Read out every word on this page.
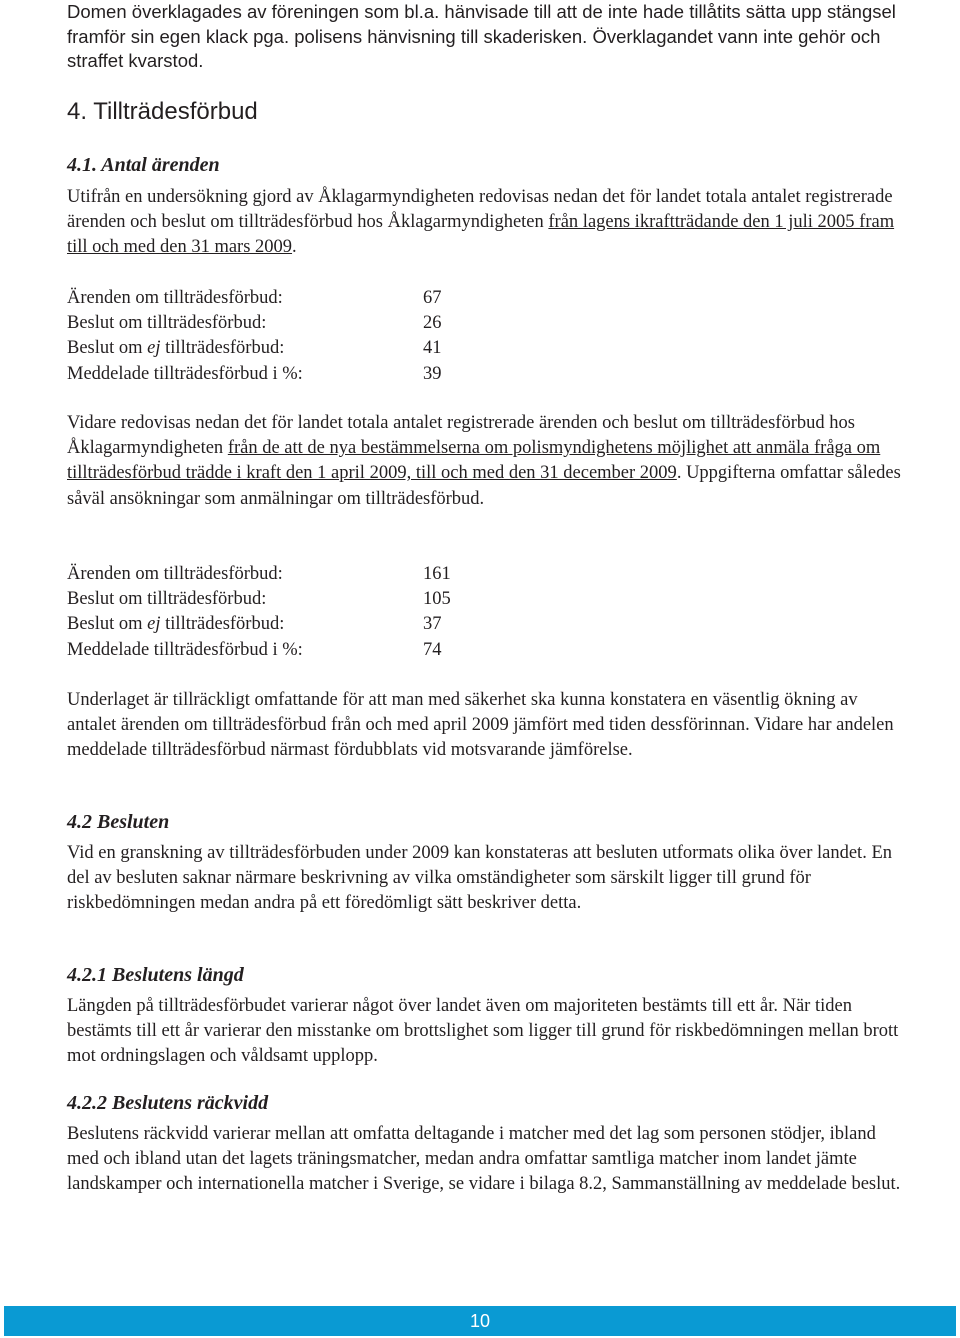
Domen överklagades av föreningen som bl.a. hänvisade till att de inte hade tillåtits sätta upp stängsel framför sin egen klack pga. polisens hänvisning till skaderisken. Överklagandet vann inte gehör och straffet kvarstod.
4. Tillträdesförbud
4.1. Antal ärenden

Utifrån en undersökning gjord av Åklagarmyndigheten redovisas nedan det för landet totala antalet registrerade ärenden och beslut om tillträdesförbud hos Åklagarmyndigheten från lagens ikraftträdande den 1 juli 2005 fram till och med den 31 mars 2009.

Ärenden om tillträdesförbud:	67
Beslut om tillträdesförbud:	26
Beslut om ej tillträdesförbud:	41
Meddelade tillträdesförbud i %:	39

Vidare redovisas nedan det för landet totala antalet registrerade ärenden och beslut om tillträdesförbud hos Åklagarmyndigheten från de att de nya bestämmelserna om polismyndighetens möjlighet att anmäla fråga om tillträdesförbud trädde i kraft den 1 april 2009, till och med den 31 december 2009. Uppgifterna omfattar således såväl ansökningar som anmälningar om tillträdesförbud.

Ärenden om tillträdesförbud:	161
Beslut om tillträdesförbud:	105
Beslut om ej tillträdesförbud:	37
Meddelade tillträdesförbud i %:	74

Underlaget är tillräckligt omfattande för att man med säkerhet ska kunna konstatera en väsentlig ökning av antalet ärenden om tillträdesförbud från och med april 2009 jämfört med tiden dessförinnan. Vidare har andelen meddelade tillträdesförbud närmast fördubblats vid motsvarande jämförelse.

4.2 Besluten

Vid en granskning av tillträdesförbuden under 2009 kan konstateras att besluten utformats olika över landet. En del av besluten saknar närmare beskrivning av vilka omständigheter som särskilt ligger till grund för riskbedömningen medan andra på ett föredömligt sätt beskriver detta.

4.2.1 Beslutens längd

Längden på tillträdesförbudet varierar något över landet även om majoriteten bestämts till ett år. När tiden bestämts till ett år varierar den misstanke om brottslighet som ligger till grund för riskbedömningen mellan brott mot ordningslagen och våldsamt upplopp.

4.2.2 Beslutens räckvidd

Beslutens räckvidd varierar mellan att omfatta deltagande i matcher med det lag som personen stödjer, ibland med och ibland utan det lagets träningsmatcher, medan andra omfattar samtliga matcher inom landet jämte landskamper och internationella matcher i Sverige, se vidare i bilaga 8.2, Sammanställning av meddelade beslut.

10
